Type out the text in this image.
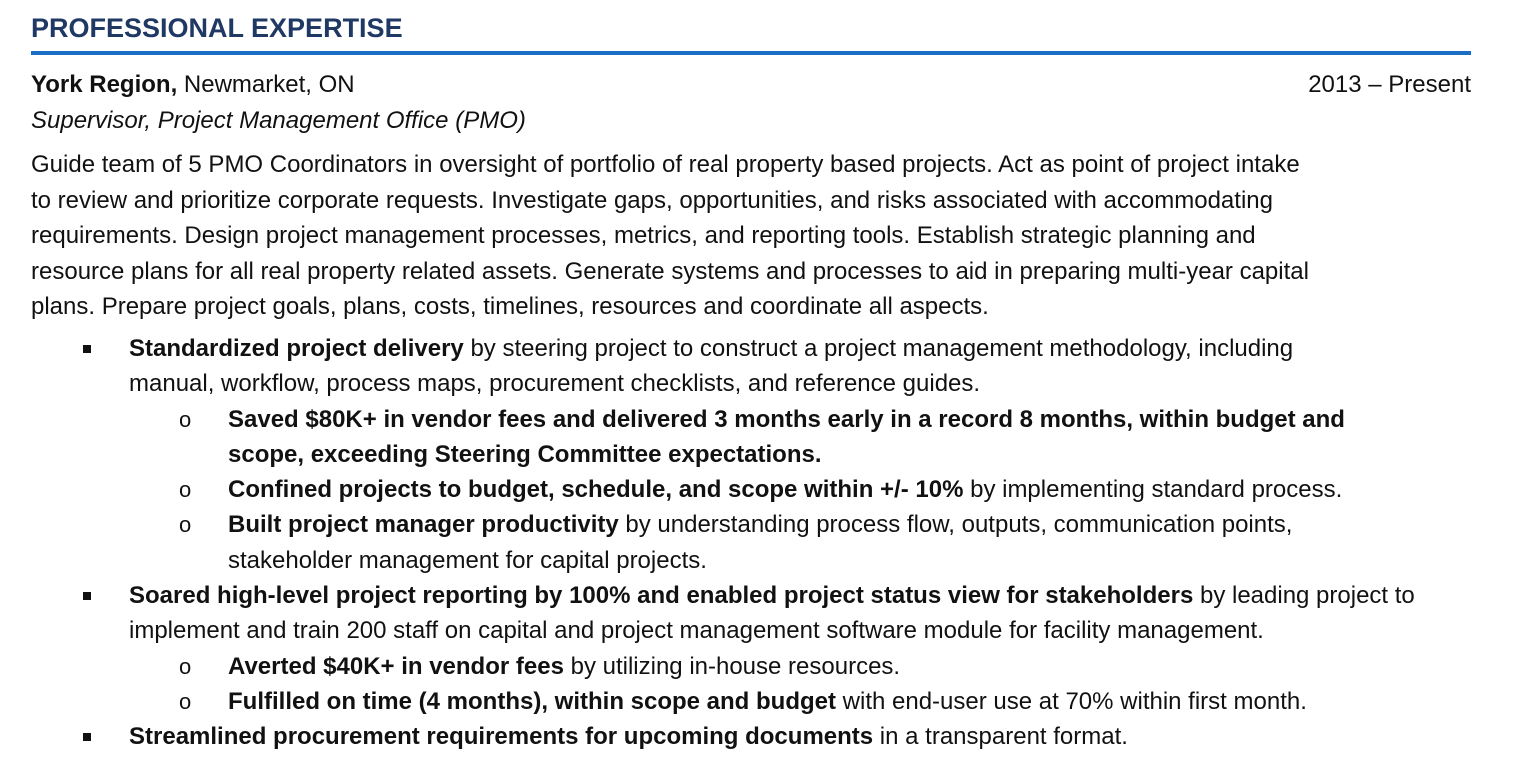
PROFESSIONAL EXPERTISE
York Region, Newmarket, ON	2013 – Present
Supervisor, Project Management Office (PMO)
Guide team of 5 PMO Coordinators in oversight of portfolio of real property based projects. Act as point of project intake
to review and prioritize corporate requests. Investigate gaps, opportunities, and risks associated with accommodating
requirements. Design project management processes, metrics, and reporting tools. Establish strategic planning and
resource plans for all real property related assets. Generate systems and processes to aid in preparing multi-year capital
plans. Prepare project goals, plans, costs, timelines, resources and coordinate all aspects.
Standardized project delivery by steering project to construct a project management methodology, including
manual, workflow, process maps, procurement checklists, and reference guides.
o Saved $80K+ in vendor fees and delivered 3 months early in a record 8 months, within budget and
scope, exceeding Steering Committee expectations.
o Confined projects to budget, schedule, and scope within +/- 10% by implementing standard process.
o Built project manager productivity by understanding process flow, outputs, communication points,
stakeholder management for capital projects.
Soared high-level project reporting by 100% and enabled project status view for stakeholders by leading project to
implement and train 200 staff on capital and project management software module for facility management.
o Averted $40K+ in vendor fees by utilizing in-house resources.
o Fulfilled on time (4 months), within scope and budget with end-user use at 70% within first month.
Streamlined procurement requirements for upcoming documents in a transparent format.
